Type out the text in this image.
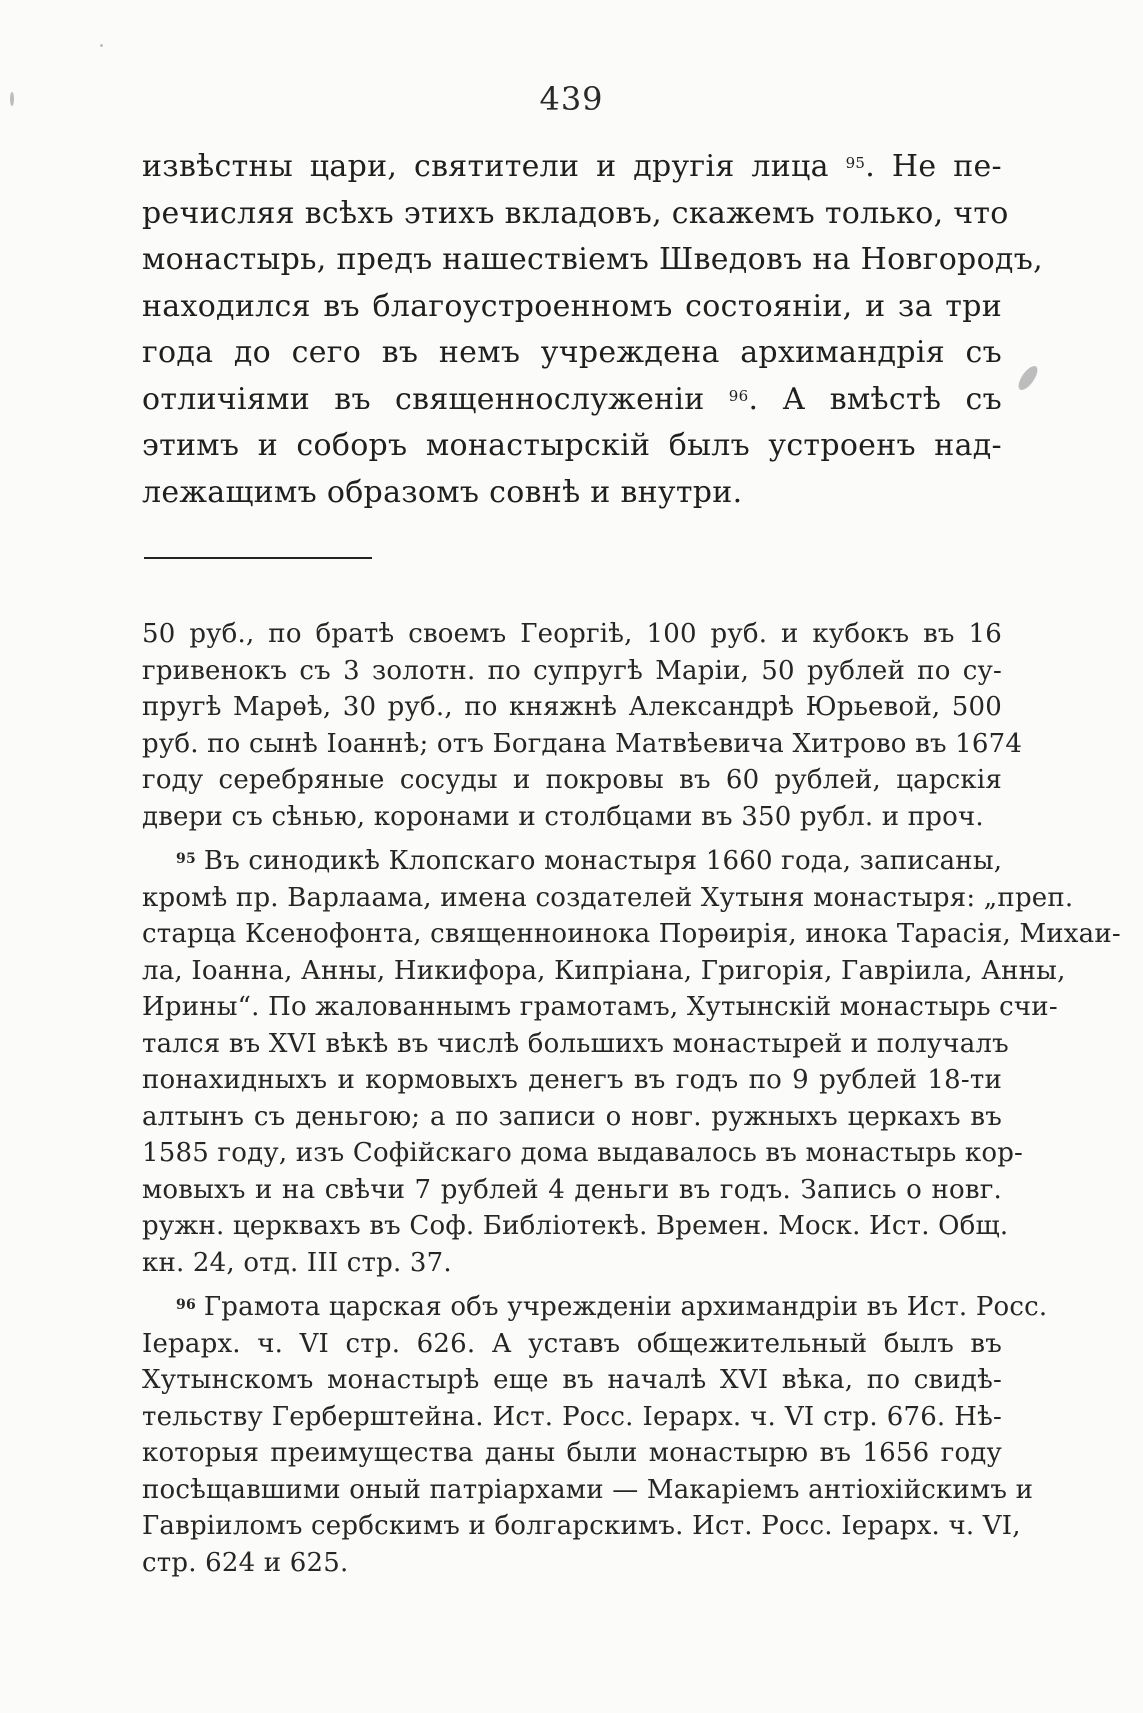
439
извѣстны цари, святители и другія лица $^{95}$. Не пе-
речисляя всѣхъ этихъ вкладовъ, скажемъ только, что
монастырь, предъ нашествіемъ Шведовъ на Новгородъ,
находился въ благоустроенномъ состояніи, и за три
года до сего въ немъ учреждена архимандрія съ
отличіями въ священнослуженіи $^{96}$. А вмѣстѣ съ
этимъ и соборъ монастырскій былъ устроенъ над-
лежащимъ образомъ совнѣ и внутри.
50 руб., по братѣ своемъ Георгіѣ, 100 руб. и кубокъ въ 16
гривенокъ съ 3 золотн. по супругѣ Маріи, 50 рублей по су-
пругѣ Марѳѣ, 30 руб., по княжнѣ Александрѣ Юрьевой, 500
руб. по сынѣ Іоаннѣ; отъ Богдана Матвѣевича Хитрово въ 1674
году серебряные сосуды и покровы въ 60 рублей, царскія
двери съ сѣнью, коронами и столбцами въ 350 рубл. и проч.
$^{95}$ Въ синодикѣ Клопскаго монастыря 1660 года, записаны,
кромѣ пр. Варлаама, имена создателей Хутыня монастыря: „преп.
старца Ксенофонта, священноинока Порѳирія, инока Тарасія, Михаи-
ла, Іоанна, Анны, Никифора, Кипріана, Григорія, Гавріила, Анны,
Ирины“. По жалованнымъ грамотамъ, Хутынскій монастырь счи-
тался въ XVI вѣкѣ въ числѣ большихъ монастырей и получалъ
понахидныхъ и кормовыхъ денегъ въ годъ по 9 рублей 18-ти
алтынъ съ деньгою; а по записи о новг. ружныхъ церкахъ въ
1585 году, изъ Софійскаго дома выдавалось въ монастырь кор-
мовыхъ и на свѣчи 7 рублей 4 деньги въ годъ. Запись о новг.
ружн. церквахъ въ Соф. Библіотекѣ. Времен. Моск. Ист. Общ.
кн. 24, отд. III стр. 37.
$^{96}$ Грамота царская объ учрежденіи архимандріи въ Ист. Росс.
Іерарх. ч. VI стр. 626. А уставъ общежительный былъ въ
Хутынскомъ монастырѣ еще въ началѣ XVI вѣка, по свидѣ-
тельству Герберштейна. Ист. Росс. Іерарх. ч. VI стр. 676. Нѣ-
которыя преимущества даны были монастырю въ 1656 году
посѣщавшими оный патріархами — Макаріемъ антіохійскимъ и
Гавріиломъ сербскимъ и болгарскимъ. Ист. Росс. Іерарх. ч. VI,
стр. 624 и 625.
